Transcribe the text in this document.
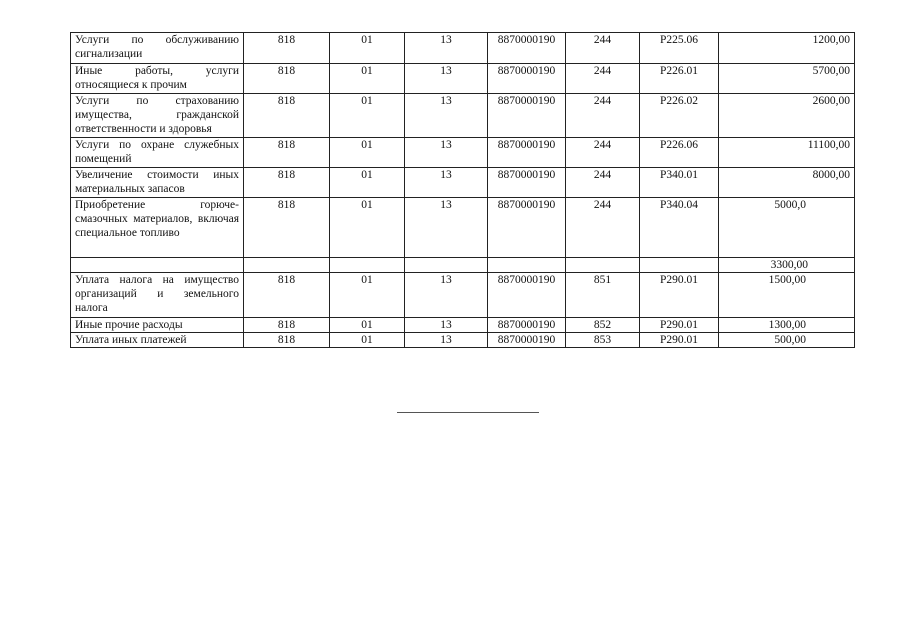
Услуги по обслуживанию сигнализации	818	01	13	8870000190	244	P225.06	1200,00
Иные работы, услуги относящиеся к прочим	818	01	13	8870000190	244	P226.01	5700,00
Услуги по страхованию имущества, гражданской ответственности и здоровья	818	01	13	8870000190	244	P226.02	2600,00
Услуги по охране служебных помещений	818	01	13	8870000190	244	P226.06	11100,00
Увеличение стоимости иных материальных запасов	818	01	13	8870000190	244	P340.01	8000,00
Приобретение горюче-смазочных материалов, включая специальное топливо	818	01	13	8870000190	244	P340.04	5000,0
							3300,00
Уплата налога на имущество организаций и земельного налога	818	01	13	8870000190	851	P290.01	1500,00
Иные прочие расходы	818	01	13	8870000190	852	P290.01	1300,00
Уплата иных платежей	818	01	13	8870000190	853	P290.01	500,00
